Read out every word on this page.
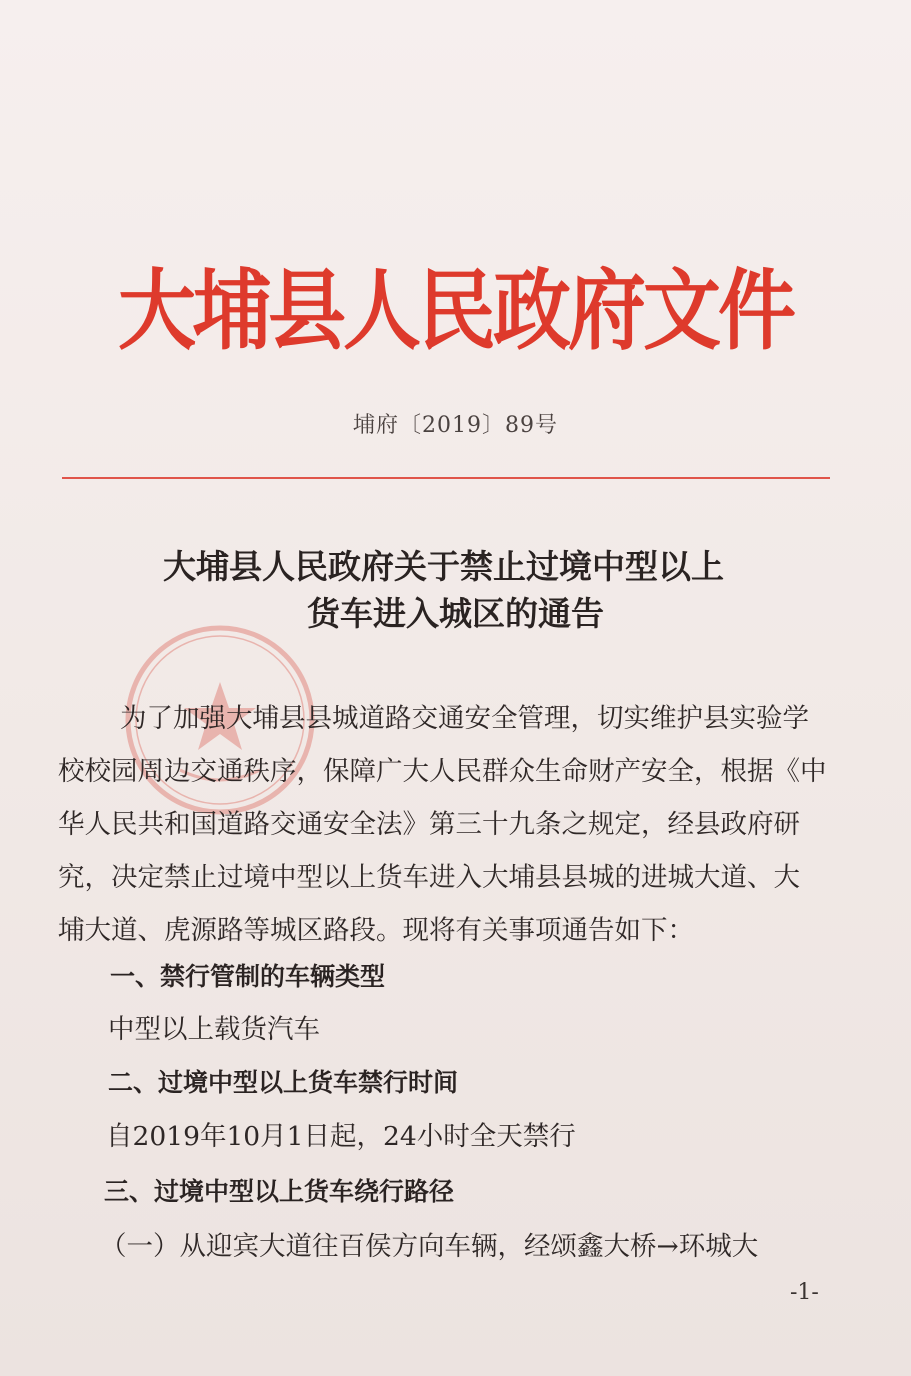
大埔县人民政府文件
埔府〔2019〕89号
大埔县人民政府关于禁止过境中型以上
货车进入城区的通告
为了加强大埔县县城道路交通安全管理，切实维护县实验学
校校园周边交通秩序，保障广大人民群众生命财产安全，根据《中
华人民共和国道路交通安全法》第三十九条之规定，经县政府研
究，决定禁止过境中型以上货车进入大埔县县城的进城大道、大
埔大道、虎源路等城区路段。现将有关事项通告如下：
一、禁行管制的车辆类型
中型以上载货汽车
二、过境中型以上货车禁行时间
自2019年10月1日起，24小时全天禁行
三、过境中型以上货车绕行路径
（一）从迎宾大道往百侯方向车辆，经颂鑫大桥→环城大
-1-
